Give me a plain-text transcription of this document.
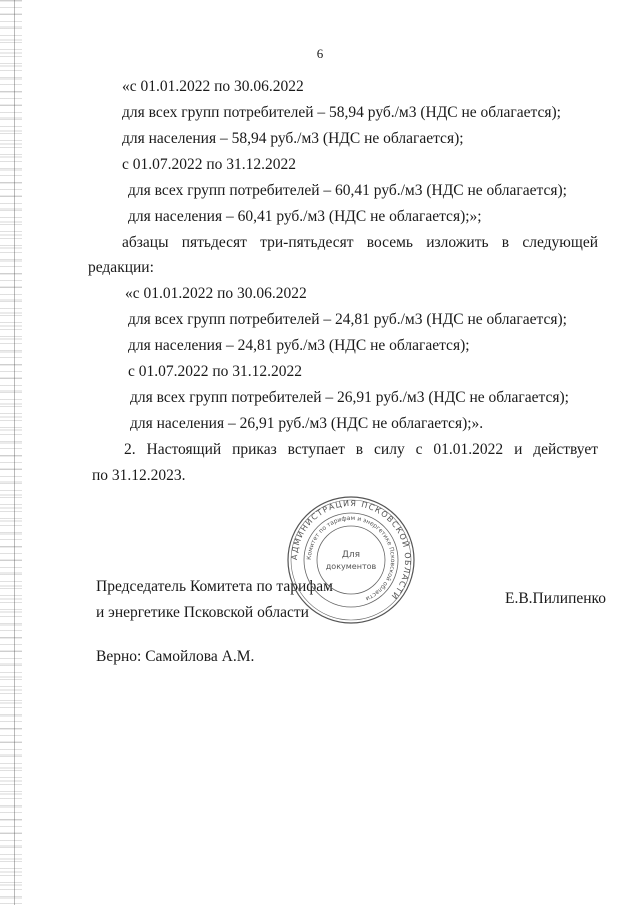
6
«с 01.01.2022 по 30.06.2022
для всех групп потребителей – 58,94 руб./м3 (НДС не облагается);
для населения – 58,94 руб./м3 (НДС не облагается);
с 01.07.2022 по 31.12.2022
для всех групп потребителей – 60,41 руб./м3 (НДС не облагается);
для населения – 60,41 руб./м3 (НДС не облагается);»;
абзацы пятьдесят три-пятьдесят восемь изложить в следующей
редакции:
«с 01.01.2022 по 30.06.2022
для всех групп потребителей – 24,81 руб./м3 (НДС не облагается);
для населения – 24,81 руб./м3 (НДС не облагается);
с 01.07.2022 по 31.12.2022
для всех групп потребителей – 26,91 руб./м3 (НДС не облагается);
для населения – 26,91 руб./м3 (НДС не облагается);».
2. Настоящий приказ вступает в силу с 01.01.2022 и действует
по 31.12.2023.
Председатель Комитета по тарифам
и энергетике Псковской области
Е.В.Пилипенко
Верно: Самойлова А.М.
АДМИНИСТРАЦИЯ ПСКОВСКОЙ ОБЛАСТИ
Комитет по тарифам и энергетике Псковской области
Для
документов
